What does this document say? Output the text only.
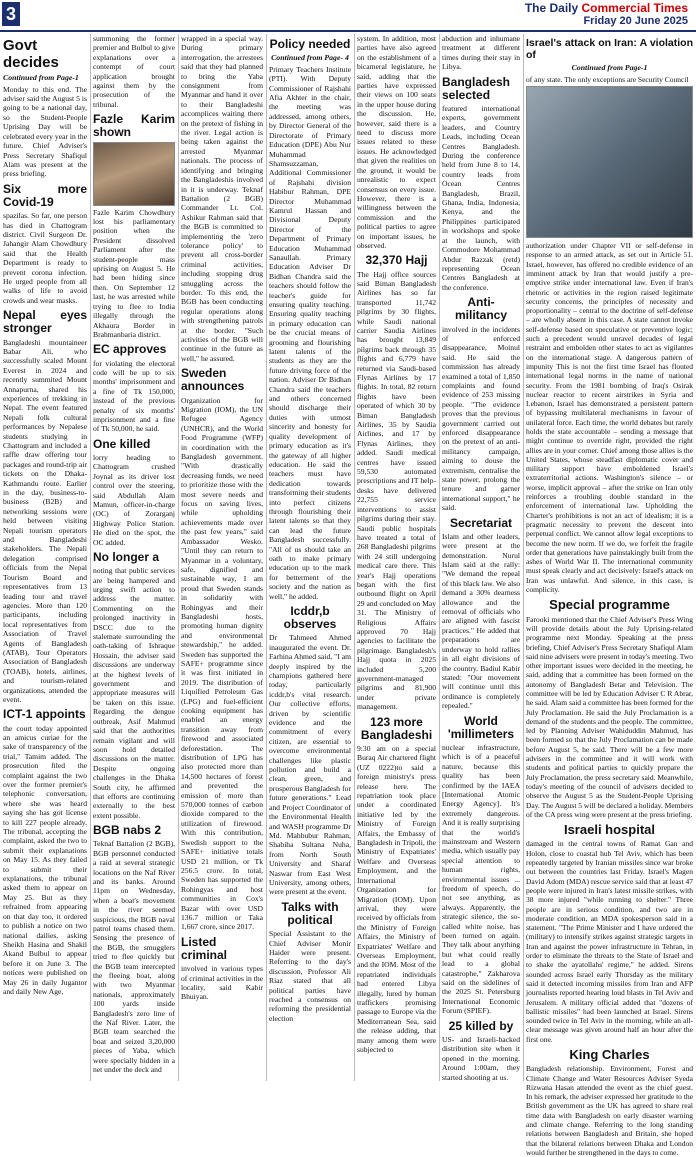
3	The Daily Commercial Times
Friday 20 June 2025
Govt decides
Continued from Page-1

Monday to this end. The adviser said the August 5 is going to be a national day, so the Student-People Uprising Day will be celebrated every year in the future. Chief Adviser's Press Secretary Shafiqul Alam was present at the press briefing.

Six more Covid-19

spazilas. So far, one person has died in Chattogram district. Civil Surgeon Dr. Jahangir Alam Chowdhury said that the Health Department is ready to prevent corona infection. He urged people from all walks of life to avoid crowds and wear masks.

Nepal eyes stronger

Bangladeshi mountaineer Babar Ali, who successfully scaled Mount Everest in 2024 and recently summited Mount Annapurna, shared his experiences of trekking in Nepal. The event featured Nepali folk cultural performances by Nepalese students studying in Chattogram and included a raffle draw offering tour packages and round-trip air tickets on the Dhaka-Kathmandu route. Earlier in the day, business-to-business (B2B) and networking sessions were held between visiting Nepali tourism operators and Bangladeshi stakeholders. The Nepali delegation comprised officials from the Nepal Tourism Board and representatives from 13 leading tour and travel agencies. More than 120 participants, including local representatives from Association of Travel Agents of Bangladesh (ATAB), Tour Operators Association of Bangladesh (TOAB), hotels, airlines, and tourism-related organizations, attended the event.

ICT-1 appoints

the court today appointed an amicus curiae for the sake of transparency of the trial," Tamim added. The prosecution filed the complaint against the two over the former premier's telephonic conversation, where she was heard saying she has got license to kill 227 people already. The tribunal, accepting the complaint, asked the two to submit their explanations on May 15. As they failed to submit their explanations, the tribunal asked them to appear on May 25. But as they refrained from appearing on that day too, it ordered to publish a notice on two national dailies, asking Sheikh Hasina and Shakil Akand Bulbul to appear before it on June 3. The notices were published on May 26 in daily Jugantor and daily New Age,

summoning the former premier and Bulbul to give explanations over a contempt of court application brought against them by the prosecution of the tribunal.

Fazle Karim shown

Fazle Karim Chowdhury lost his parliamentary position when the President dissolved Parliament after the student-people mass uprising on August 5. He had been hiding since then. On September 12 last, he was arrested while trying to flee to India illegally through the Akhaura Border in Brahmanbaria district.

EC approves

for violating the electoral code will be up to six months' imprisonment and a fine of Tk 150,000, instead of the previous penalty of six months' imprisonment and a fine of Tk 50,000, he said.

One killed

lorry heading to Chattogram crushed Joynal as its driver lost control over the steering, said Abdullah Alam Mamun, officer-in-charge (OC) of Zorarganj Highway Police Station. He died on the spot, the OC added.

No longer a

noting that public services are being hampered and urging swift action to address the matter. Commenting on the prolonged inactivity in DSCC due to the stalemate surrounding the oath-taking of Ishraque Hossain, the adviser said discussions are underway at the highest levels of government and appropriate measures will be taken on this issue. Regarding the dengue outbreak, Asif Mahmud said that the authorities remain vigilant and will soon hold detailed discussions on the matter. Despite ongoing challenges in the Dhaka South city, he affirmed that efforts are continuing externally to the best extent possible.

BGB nabs 2

Teknaf Battalion (2 BGB), BGB personnel conducted a raid at several strategic locations on the Naf River and its banks. Around 11pm on Wednesday, when a boat's movement in the river seemed suspicious, the BGB naval patrol teams chased them. Sensing the presence of the BGB, the smugglers tried to flee quickly but the BGB team intercepted the fleeing boat, along with two Myanmar nationals, approximately 100 yards inside Bangladesh's zero line of the Naf River. Later, the BGB team searched the boat and seized 3,20,000 pieces of Yaba, which were specially hidden in a net under the deck and

wrapped in a special way. During primary interrogation, the arrestees said that they had planned to bring the Yaba consignment from Myanmar and hand it over to their Bangladeshi accomplices waiting there on the pretext of fishing in the river. Legal action is being taken against the arrested Myanmar nationals. The process of identifying and bringing the Bangladeshis involved in it is underway. Teknaf Battalion (2 BGB) Commander Lt. Col. Ashikur Rahman said that the BGB is committed to implementing the 'zero tolerance policy' to prevent all cross-border criminal activities, including stopping drug smuggling across the border. To this end, the BGB has been conducting regular operations along with strengthening patrols at the border. "Such activities of the BGB will continue in the future as well," he assured.

Sweden announces

Organization for Migration (IOM), the UN Refugee Agency (UNHCR), and the World Food Programme (WFP) in coordination with the Bangladesh government. "With drastically decreasing funds, we need to prioritize those with the most severe needs and focus on saving lives, while upholding achievements made over the past few years," said Ambassador Wesko. "Until they can return to Myanmar in a voluntary, safe, dignified and sustainable way, I am proud that Sweden stands in solidarity with Rohingyas and their Bangladeshi hosts, promoting human dignity and environmental stewardship," he added. Sweden has supported the SAFE+ programme since it was first initiated in 2019. The distribution of Liquified Petroleum Gas (LPG) and fuel-efficient cooking equipment has enabled an energy transition away from firewood and associated deforestation. The distribution of LPG has also protected more than 14,500 hectares of forest and prevented the emission of more than 570,000 tonnes of carbon dioxide compared to the utilization of firewood. With this contribution, Swedish support to the SAFE+ initiative totals USD 21 million, or Tk 256.5 crore. In total, Sweden has supported the Rohingyas and host communities in Cox's Bazar with over USD 136.7 million or Taka 1,667 crore, since 2017.

Listed criminal

involved in various types of criminal activities in the locality, said Kabir Bhuiyan.

Policy needed
Continued from Page- 4

Primary Teachers Institute (PTI). With Deputy Commissioner of Rajshahi Afia Akhter in the chair, the meeting was addressed, among others, by Director General of the Directorate of Primary Education (DPE) Abu Nur Muhammad Shamsuzzaman, Additional Commissioner of Rajshahi division Habibur Rahman, DPE Director Muhammad Kamrul Hassan and Divisional Deputy Director of the Department of Primary Education Muhammad Sanaullah. Primary Education Adviser Dr Bidhan Chandra said the teachers should follow the teacher's guide for ensuring quality teaching. Ensuring quality teaching in primary education can be the crucial means of grooming and flourishing latent talents of the students as they are the future driving force of the nation. Adviser Dr Bidhan Chandra said the teachers and others concerned should discharge their duties with utmost sincerity and honesty for quality development of primary education as it's the gateway of all higher education. He said the teachers must have dedication towards transforming their students into perfect citizens through flourishing their latent talents so that they can lead the future Bangladesh successfully. "All of us should take an oath to make primary education up to the mark for betterment of the society and the nation as well," he added.

Icddr,b observes

Dr Tahmeed Ahmed inaugurated the event. Dr. Farhina Ahmed said, "I am deeply inspired by the champions gathered here today, particularly icddr,b's vital research. Our collective efforts, driven by scientific evidence and the commitment of every citizen, are essential to overcome environmental challenges like plastic pollution and build a clean, green, and prosperous Bangladesh for future generations." Lead and Project Coordinator of the Environmental Health and WASH programme Dr Md. Mahbubur Rahman, Shabiha Sultana Nuha, from North South University and Sharaf Naswar from East West University, among others, were present at the event.

Talks with political

Special Assistant to the Chief Adviser Monir Haider were present. Referring to the day's discussion, Professor Ali Riaz stated that all political parties have reached a consensus on reforming the presidential election

system. In addition, most parties have also agreed on the establishment of a bicameral legislature, he said, adding that the parties have expressed their views on 100 seats in the upper house during the discussion. He, however, said there is a need to discuss more issues related to these issues. He acknowledged that given the realities on the ground, it would be unrealistic to expect consensus on every issue. However, there is a willingness between the commission and the political parties to agree on important issues, he observed.

32,370 Hajj

The Hajj office sources said Biman Bangladesh Airlines has so far transported 11,742 pilgrims by 30 flights, while Saudi national carrier Saudia Airlines has brought 13,849 pilgrims back through 35 flights and 6,779 have returned via Saudi-based Flynas Airlines by 17 flights. In total, 82 return flights have been operated of which 30 by Biman Bangladesh Airlines, 35 by Saudia Airlines, and 17 by Flynas Airlines, they added. Saudi medical centres have issued 59,530 automated prescriptions and IT help- desks have delivered 22,755 service interventions to assist pilgrims during their stay. Saudi public hospitals have treated a total of 268 Bangladeshi pilgrims with 24 still undergoing medical care there. This year's Hajj operations began with the first outbound flight on April 29 and concluded on May 31. The Ministry of Religious Affairs approved 70 Hajj agencies to facilitate the pilgrimage. Bangladesh's Hajj quota in 2025 included 5,200 government-managed pilgrims and 81,900 under private management.

123 more Bangladeshi

9:30 am on a special Buraq Air chartered flight (UZ 0222)to said a foreign ministry's press release here. The repatriation took place under a coordinated initiative led by the Ministry of Foreign Affairs, the Embassy of Bangladesh in Tripoli, the Ministry of Expatriates' Welfare and Overseas Employment, and the International Organization for Migration (IOM). Upon arrival, they were received by officials from the Ministry of Foreign Affairs, the Ministry of Expatriates' Welfare and Overseas Employment, and the IOM. Most of the repatriated individuals had entered Libya illegally, lured by human traffickers promising passage to Europe via the Mediterranean Sea, said the release adding, that many among them were subjected to

abduction and inhumane treatment at different times during their stay in Libya.

Bangladesh selected

featured international experts, government leaders, and Country Leads, including Ocean Centres Bangladesh. During the conference held from June 8 to 14, country leads from Ocean Centres Bangladesh, Brazil, Ghana, India, Indonesia, Kenya, and the Philippines participated in workshops and spoke at the launch, with Commodore Mohammad Abdur Razzak (retd) representing Ocean Centres Bangladesh at the conference.

Anti-militancy

involved in the incidents of enforced disappearance, Moinul said. He said the commission has already examined a total of 1,850 complaints and found evidence of 253 missing people. "The evidence proves that the previous government carried out enforced disappearance on the pretext of an anti-militancy campaign, aiming to douse the extremism, centralise the state power, prolong the tenure and garner international support," he said.

Secretariat

Islam and other leaders, were present at the demonstration. Nurul Islam said at the rally: "We demand the repeal of this black law. We also demand a 30% dearness allowance and the removal of officials who are aligned with fascist practices." He added that preparations are underway to hold rallies in all eight divisions of the country. Badiul Kabir stated: "Our movement will continue until this ordinance is completely repealed."

World 'millimeters

nuclear infrastructure, which is of a peaceful nature, because this quality has been confirmed by the IAEA [International Atomic Energy Agency]. It's extremely dangerous. And it is really surprising that the world's mainstream and Western media, which usually pay special attention to human rights, environmental issues ... freedom of speech, do not see anything, as always. Apparently, the strategic silence, the so-called white noise, has been turned on again. They talk about anything but what could really lead to a global catastrophe," Zakharova said on the sidelines of the 2025 St. Petersburg International Economic Forum (SPIEF).

25 killed by

US- and Israeli-backed distribution site when it opened in the morning. Around 1:00am, they started shooting at us.

Israel's attack on Iran: A violation of
Continued from Page-1

of any state. The only exceptions are Security Council

authorization under Chapter VII or self-defense in response to an armed attack, as set out in Article 51. Israel, however, has offered no credible evidence of an imminent attack by Iran that would justify a pre-emptive strike under international law. Even if Iran's rhetoric or activities in the region raised legitimate security concerns, the principles of necessity and proportionality – central to the doctrine of self-defense – are wholly absent in this case. A state cannot invoke self-defense based on speculative or preventive logic; such a precedent would unravel decades of legal restraint and embolden other states to act as vigilantes on the international stage. A dangerous pattern of impunity This is not the first time Israel has flouted international legal norms in the name of national security. From the 1981 bombing of Iraq's Osirak nuclear reactor to recent airstrikes in Syria and Lebanon, Israel has demonstrated a persistent pattern of bypassing multilateral mechanisms in favour of unilateral force. Each time, the world debates but rarely holds the state accountable – sending a message that might continue to override right, provided the right allies are in your corner. Chief among those allies is the United States, whose steadfast diplomatic cover and military support have emboldened Israel's extraterritorial actions. Washington's silence – or worse, implicit approval – after the strike on Iran only reinforces a troubling double standard in the enforcement of international law. Upholding the Charter's prohibitions is not an act of idealism; it is a pragmatic necessity to prevent the descent into perpetual conflict. We cannot allow legal exceptions to become the new norm. If we do, we forfeit the fragile order that generations have painstakingly built from the ashes of World War II. The international community must speak clearly and act decisively: Israel's attack on Iran was unlawful. And silence, in this case, is complicity.

Special programme

Farooki mentioned that the Chief Adviser's Press Wing will provide details about the July Uprising-related programme next Monday. Speaking at the press briefing, Chief Adviser's Press Secretary Shafiqul Alam said nine advisers were present in today's meeting. Two other important issues were decided in the meeting, he said, adding that a committee has been formed on the autonomy of Bangladesh Betar and Television. The committee will be led by Education Adviser C R Abrar, he said. Alam said a committee has been formed for the July Proclamation. He said the July Proclamation is a demand of the students and the people. The committee, led by Planning Adviser Wahiduddin Mahmud, has been formed so that the July Proclamation can be made before August 5, he said. There will be a few more advisers in the committee and it will work with students and political parties to quickly prepare the July Proclamation, the press secretary said. Meanwhile, today's meeting of the council of advisers decided to observe the August 5 as the Student-People Uprising Day. The August 5 will be declared a holiday. Members of the CA press wing were present at the press briefing.

Israeli hospital

damaged in the central towns of Ramat Gan and Holon, close to coastal hub Tel Aviv, which has been repeatedly targeted by Iranian missiles since war broke out between the countries last Friday. Israel's Magen David Adom (MDA) rescue service said that at least 47 people were injured in Iran's latest missile strikes, with 38 more injured "while running to shelter." Three people are in serious condition, and two are in moderate condition, an MDA spokesperson said in a statement. "The Prime Minister and I have ordered the (military) to intensify strikes against strategic targets in Iran and against the power infrastructure in Tehran, in order to eliminate the threats to the State of Israel and to shake the ayatollahs' regime," he added. Sirens sounded across Israel early Thursday as the military said it detected incoming missiles from Iran and AFP journalists reported hearing loud blasts in Tel Aviv and Jerusalem. A military official added that "dozens of ballistic missiles" had been launched at Israel. Sirens sounded twice in Tel Aviv in the morning, while an all-clear message was given around half an hour after the first one.

King Charles

Bangladesh relationship. Environment, Forest and Climate Change and Water Resources Adviser Syeda Rizwana Hasan attended the event as the chief guest. In his remark, the adviser expressed her gratitude to the British government as the UK has agreed to share real time data with Bangladesh on early disaster warning and climate change. Referring to the long standing relations between Bangladesh and Britain, she hoped that the bilateral relations between Dhaka and London would further be strengthened in the days to come.
